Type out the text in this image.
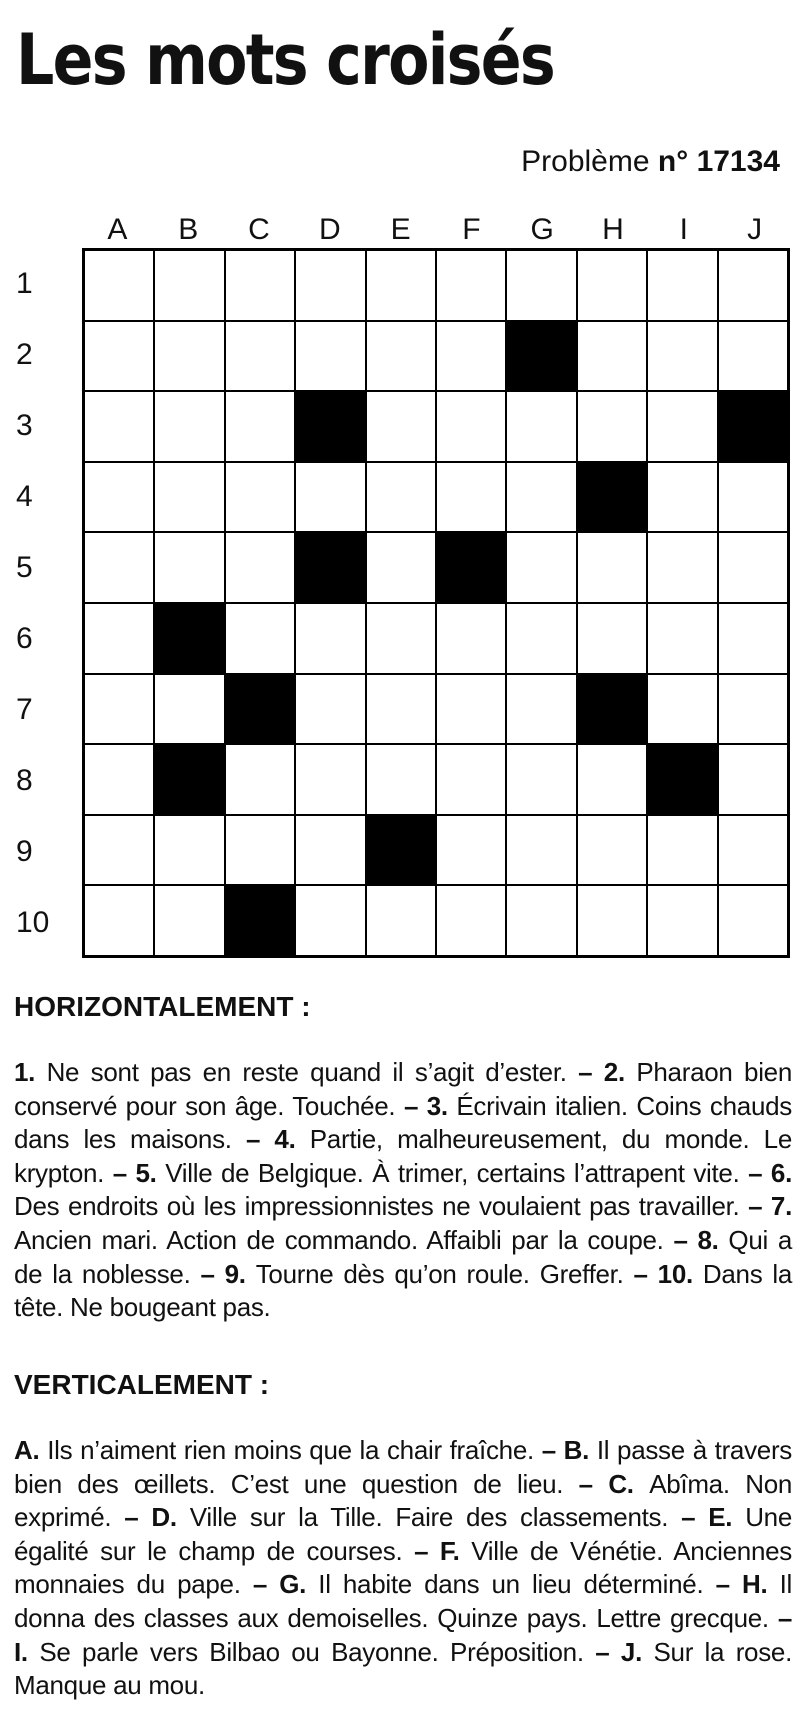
Les mots croisés
Problème n° 17134
A	B	C	D	E	F	G	H	I	J
1
2
3
4
5
6
7
8
9
10

HORIZONTALEMENT :

1. Ne sont pas en reste quand il s’agit d’ester. – 2. Pharaon bien conservé pour son âge. Touchée. – 3. Écrivain italien. Coins chauds dans les maisons. – 4. Partie, malheureusement, du monde. Le krypton. – 5. Ville de Belgique. À trimer, certains l’attrapent vite. – 6. Des endroits où les impressionnistes ne voulaient pas travailler. – 7. Ancien mari. Action de commando. Affaibli par la coupe. – 8. Qui a de la noblesse. – 9. Tourne dès qu’on roule. Greffer. – 10. Dans la tête. Ne bougeant pas.

VERTICALEMENT :

A. Ils n’aiment rien moins que la chair fraîche. – B. Il passe à travers bien des œillets. C’est une question de lieu. – C. Abîma. Non exprimé. – D. Ville sur la Tille. Faire des classements. – E. Une égalité sur le champ de courses. – F. Ville de Vénétie. Anciennes monnaies du pape. – G. Il habite dans un lieu déterminé. – H. Il donna des classes aux demoiselles. Quinze pays. Lettre grecque. – I. Se parle vers Bilbao ou Bayonne. Préposition. – J. Sur la rose. Manque au mou.
